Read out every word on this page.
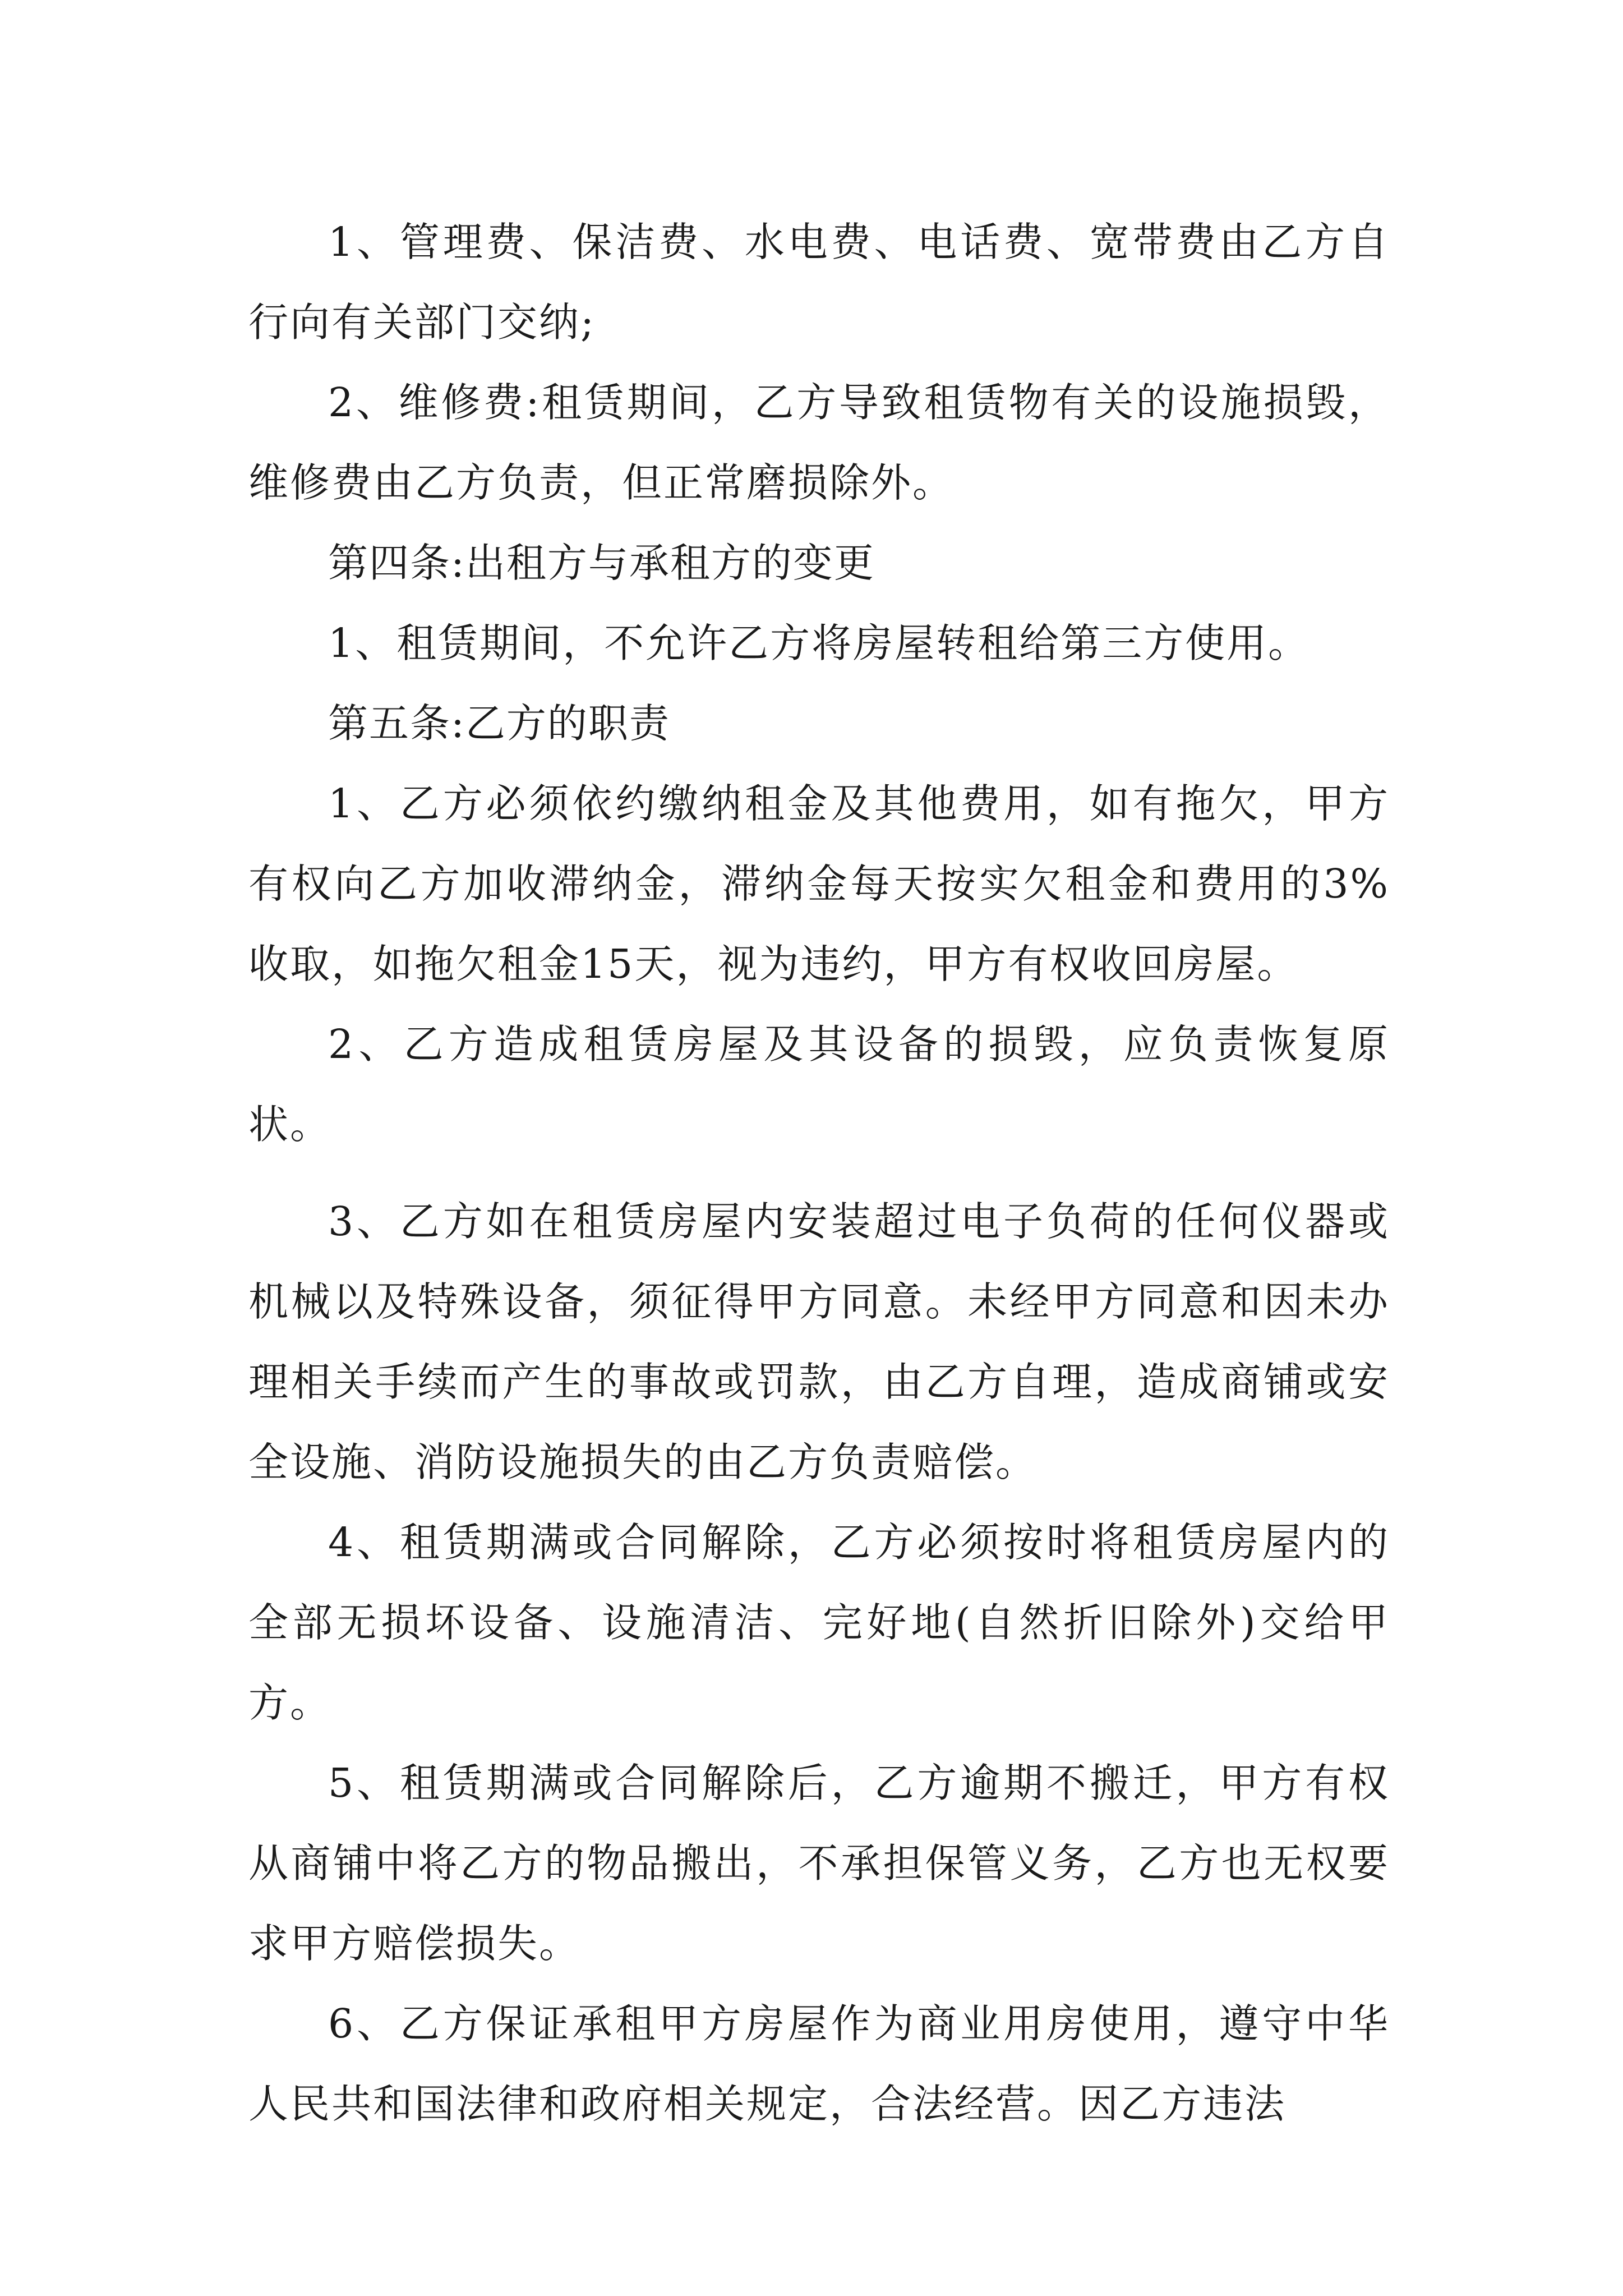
1、管理费、保洁费、水电费、电话费、宽带费由乙方自行向有关部门交纳;

2、维修费:租赁期间，乙方导致租赁物有关的设施损毁，维修费由乙方负责，但正常磨损除外。

第四条:出租方与承租方的变更

1、租赁期间，不允许乙方将房屋转租给第三方使用。

第五条:乙方的职责

1、乙方必须依约缴纳租金及其他费用，如有拖欠，甲方有权向乙方加收滞纳金，滞纳金每天按实欠租金和费用的3%收取，如拖欠租金15天，视为违约，甲方有权收回房屋。

2、乙方造成租赁房屋及其设备的损毁，应负责恢复原状。

3、乙方如在租赁房屋内安装超过电子负荷的任何仪器或机械以及特殊设备，须征得甲方同意。未经甲方同意和因未办理相关手续而产生的事故或罚款，由乙方自理，造成商铺或安全设施、消防设施损失的由乙方负责赔偿。

4、租赁期满或合同解除，乙方必须按时将租赁房屋内的全部无损坏设备、设施清洁、完好地(自然折旧除外)交给甲方。

5、租赁期满或合同解除后，乙方逾期不搬迁，甲方有权从商铺中将乙方的物品搬出，不承担保管义务，乙方也无权要求甲方赔偿损失。

6、乙方保证承租甲方房屋作为商业用房使用，遵守中华人民共和国法律和政府相关规定，合法经营。因乙方违法
